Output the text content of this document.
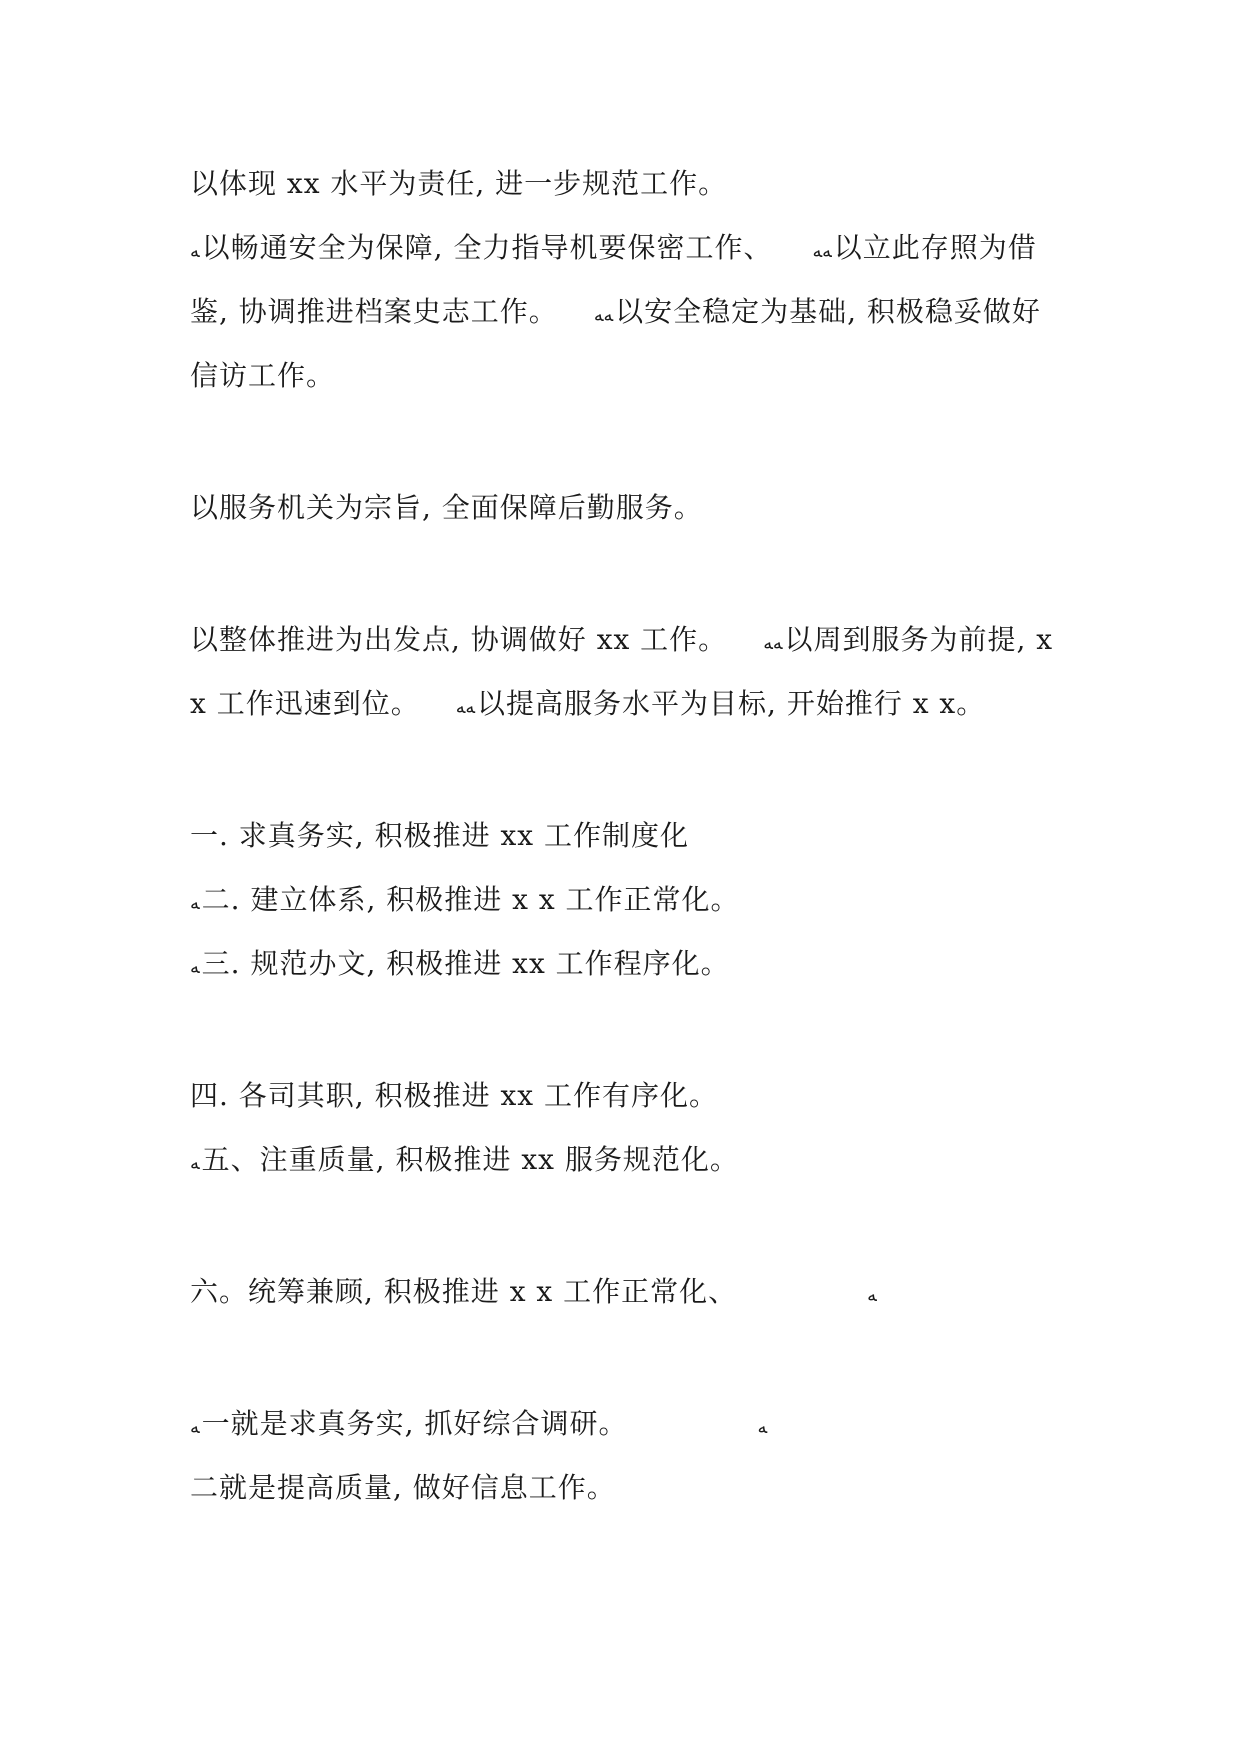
以体现 xx 水平为责任, 进一步规范工作。
ﻪ以畅通安全为保障, 全力指导机要保密工作、 ﻪﻪ以立此存照为借
鉴, 协调推进档案史志工作。 ﻪﻪ以安全稳定为基础, 积极稳妥做好
信访工作。
以服务机关为宗旨, 全面保障后勤服务。
以整体推进为出发点, 协调做好 xx 工作。 ﻪﻪ以周到服务为前提, x
x 工作迅速到位。 ﻪﻪ以提高服务水平为目标, 开始推行 x x。
一. 求真务实, 积极推进 xx 工作制度化
ﻪ二. 建立体系, 积极推进 x x 工作正常化。
ﻪ三. 规范办文, 积极推进 xx 工作程序化。
四. 各司其职, 积极推进 xx 工作有序化。
ﻪ五、注重质量, 积极推进 xx 服务规范化。
六。统筹兼顾, 积极推进 x x 工作正常化、	ﻪ
ﻪ一就是求真务实, 抓好综合调研。	ﻪ
二就是提高质量, 做好信息工作。
